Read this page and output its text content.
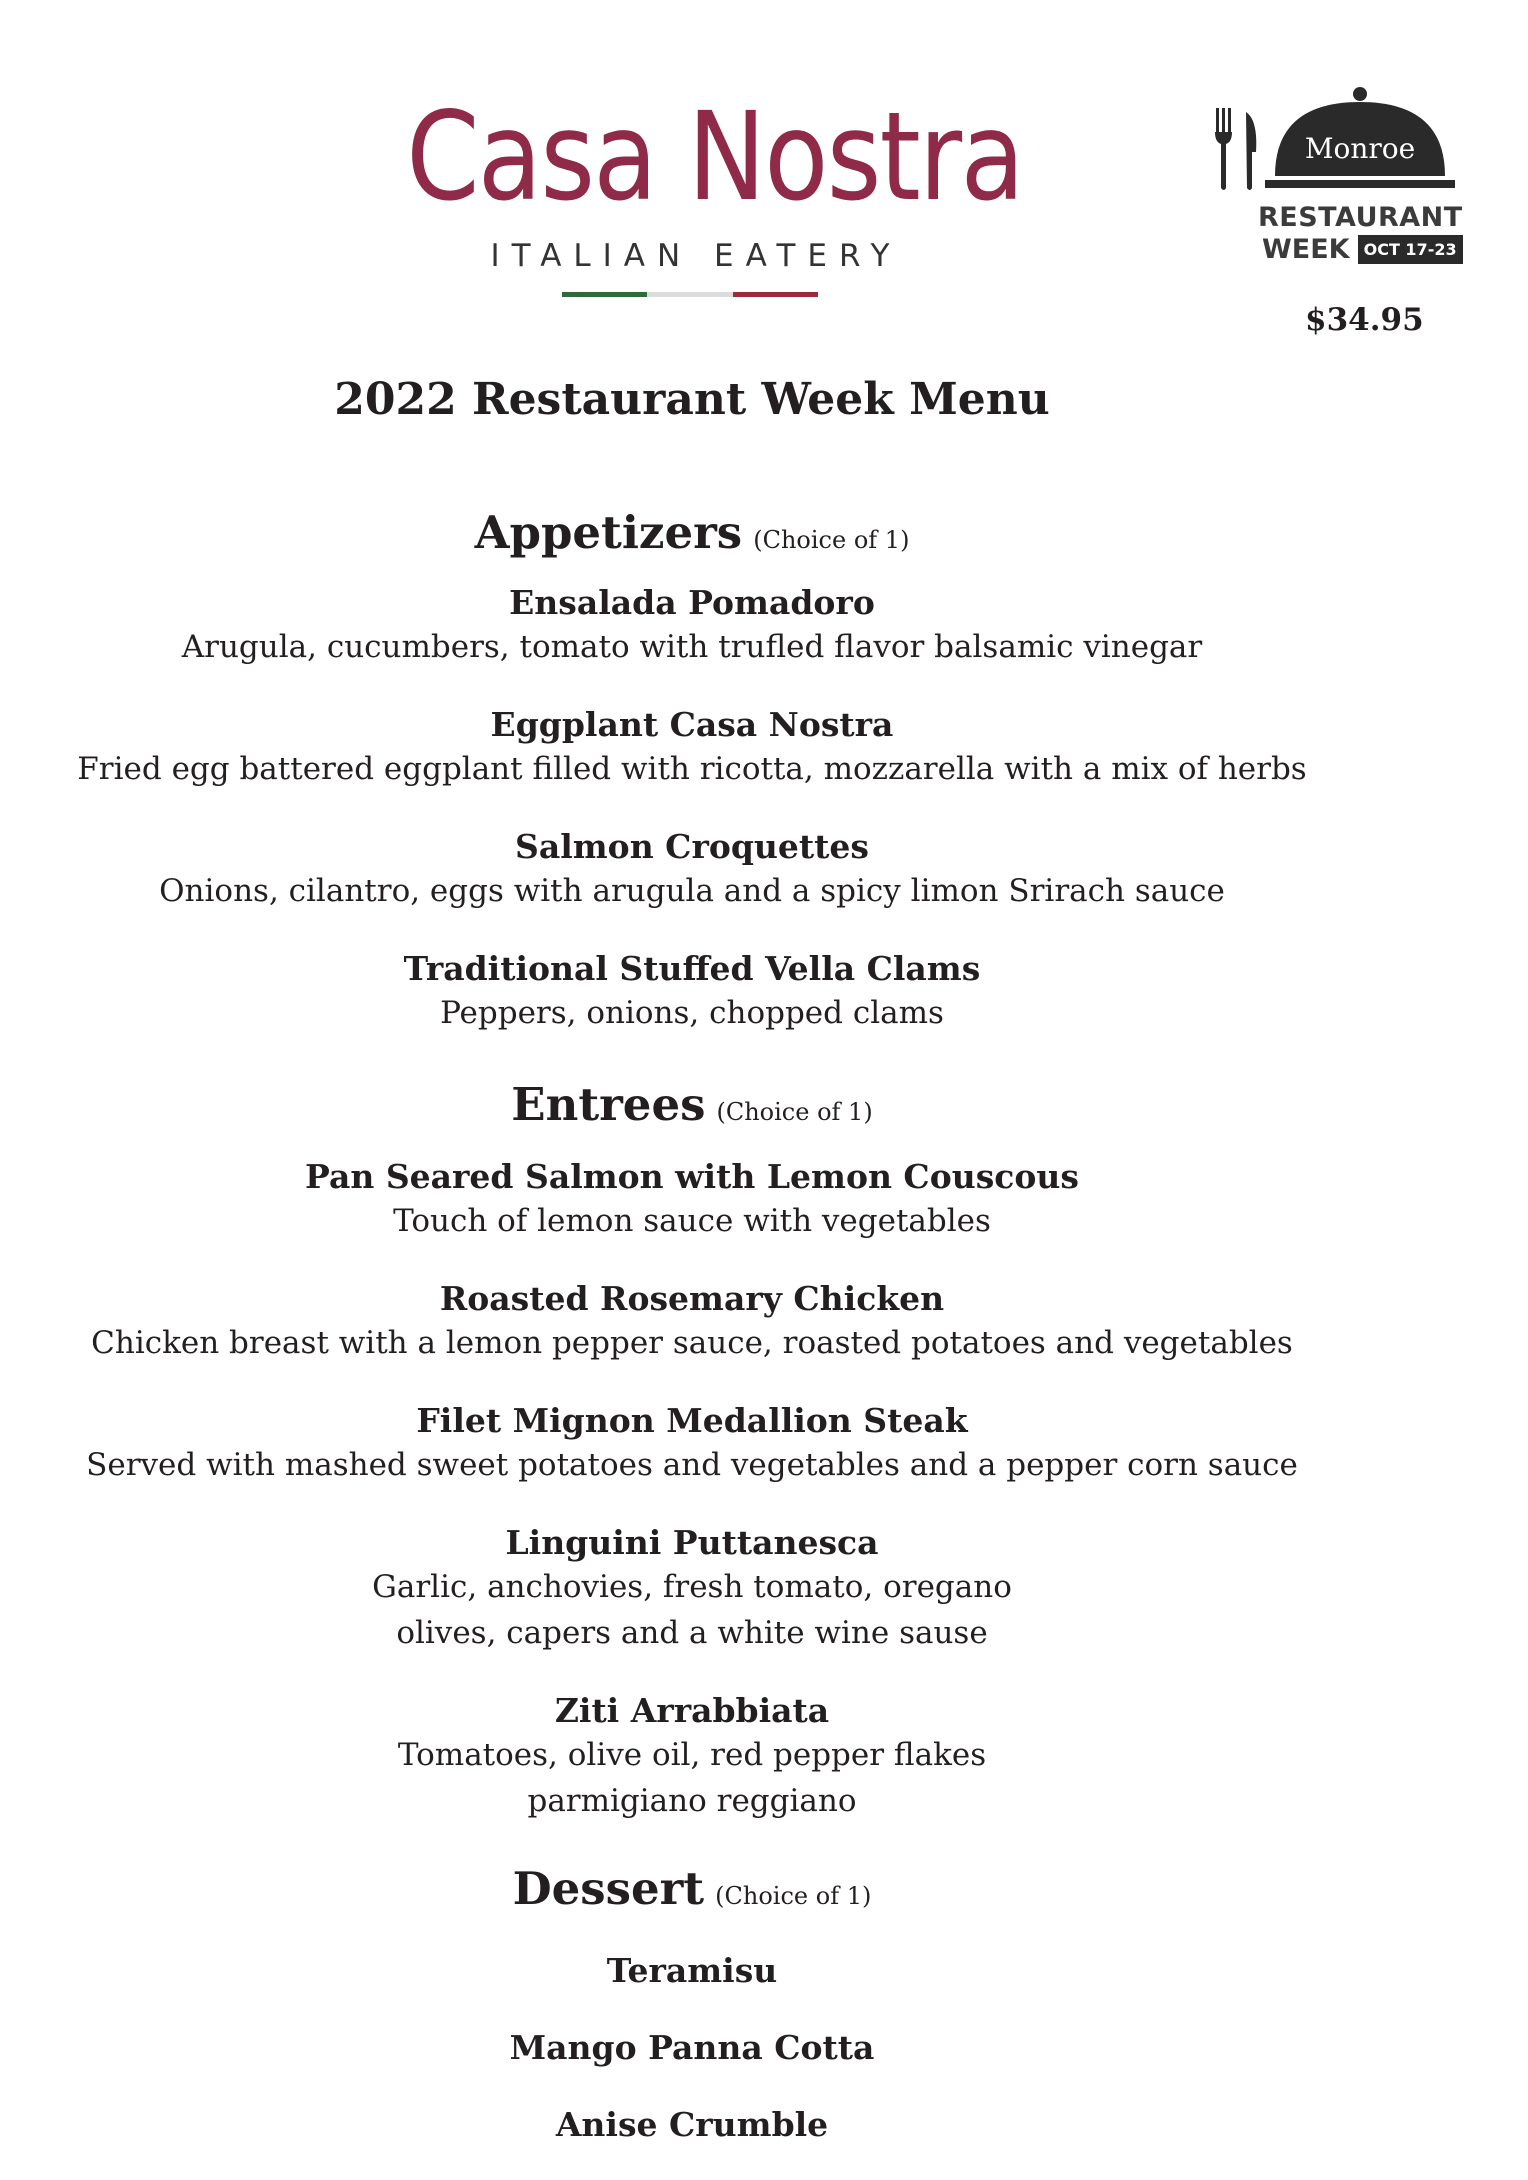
Casa Nostra
ITALIAN EATERY
Monroe
RESTAURANT
WEEK OCT 17-23
$34.95
2022 Restaurant Week Menu
Appetizers (Choice of 1)
Ensalada Pomadoro
Arugula, cucumbers, tomato with trufled flavor balsamic vinegar
Eggplant Casa Nostra
Fried egg battered eggplant filled with ricotta, mozzarella with a mix of herbs
Salmon Croquettes
Onions, cilantro, eggs with arugula and a spicy limon Srirach sauce
Traditional Stuffed Vella Clams
Peppers, onions, chopped clams
Entrees (Choice of 1)
Pan Seared Salmon with Lemon Couscous
Touch of lemon sauce with vegetables
Roasted Rosemary Chicken
Chicken breast with a lemon pepper sauce, roasted potatoes and vegetables
Filet Mignon Medallion Steak
Served with mashed sweet potatoes and vegetables and a pepper corn sauce
Linguini Puttanesca
Garlic, anchovies, fresh tomato, oregano
olives, capers and a white wine sause
Ziti Arrabbiata
Tomatoes, olive oil, red pepper flakes
parmigiano reggiano
Dessert (Choice of 1)
Teramisu
Mango Panna Cotta
Anise Crumble
